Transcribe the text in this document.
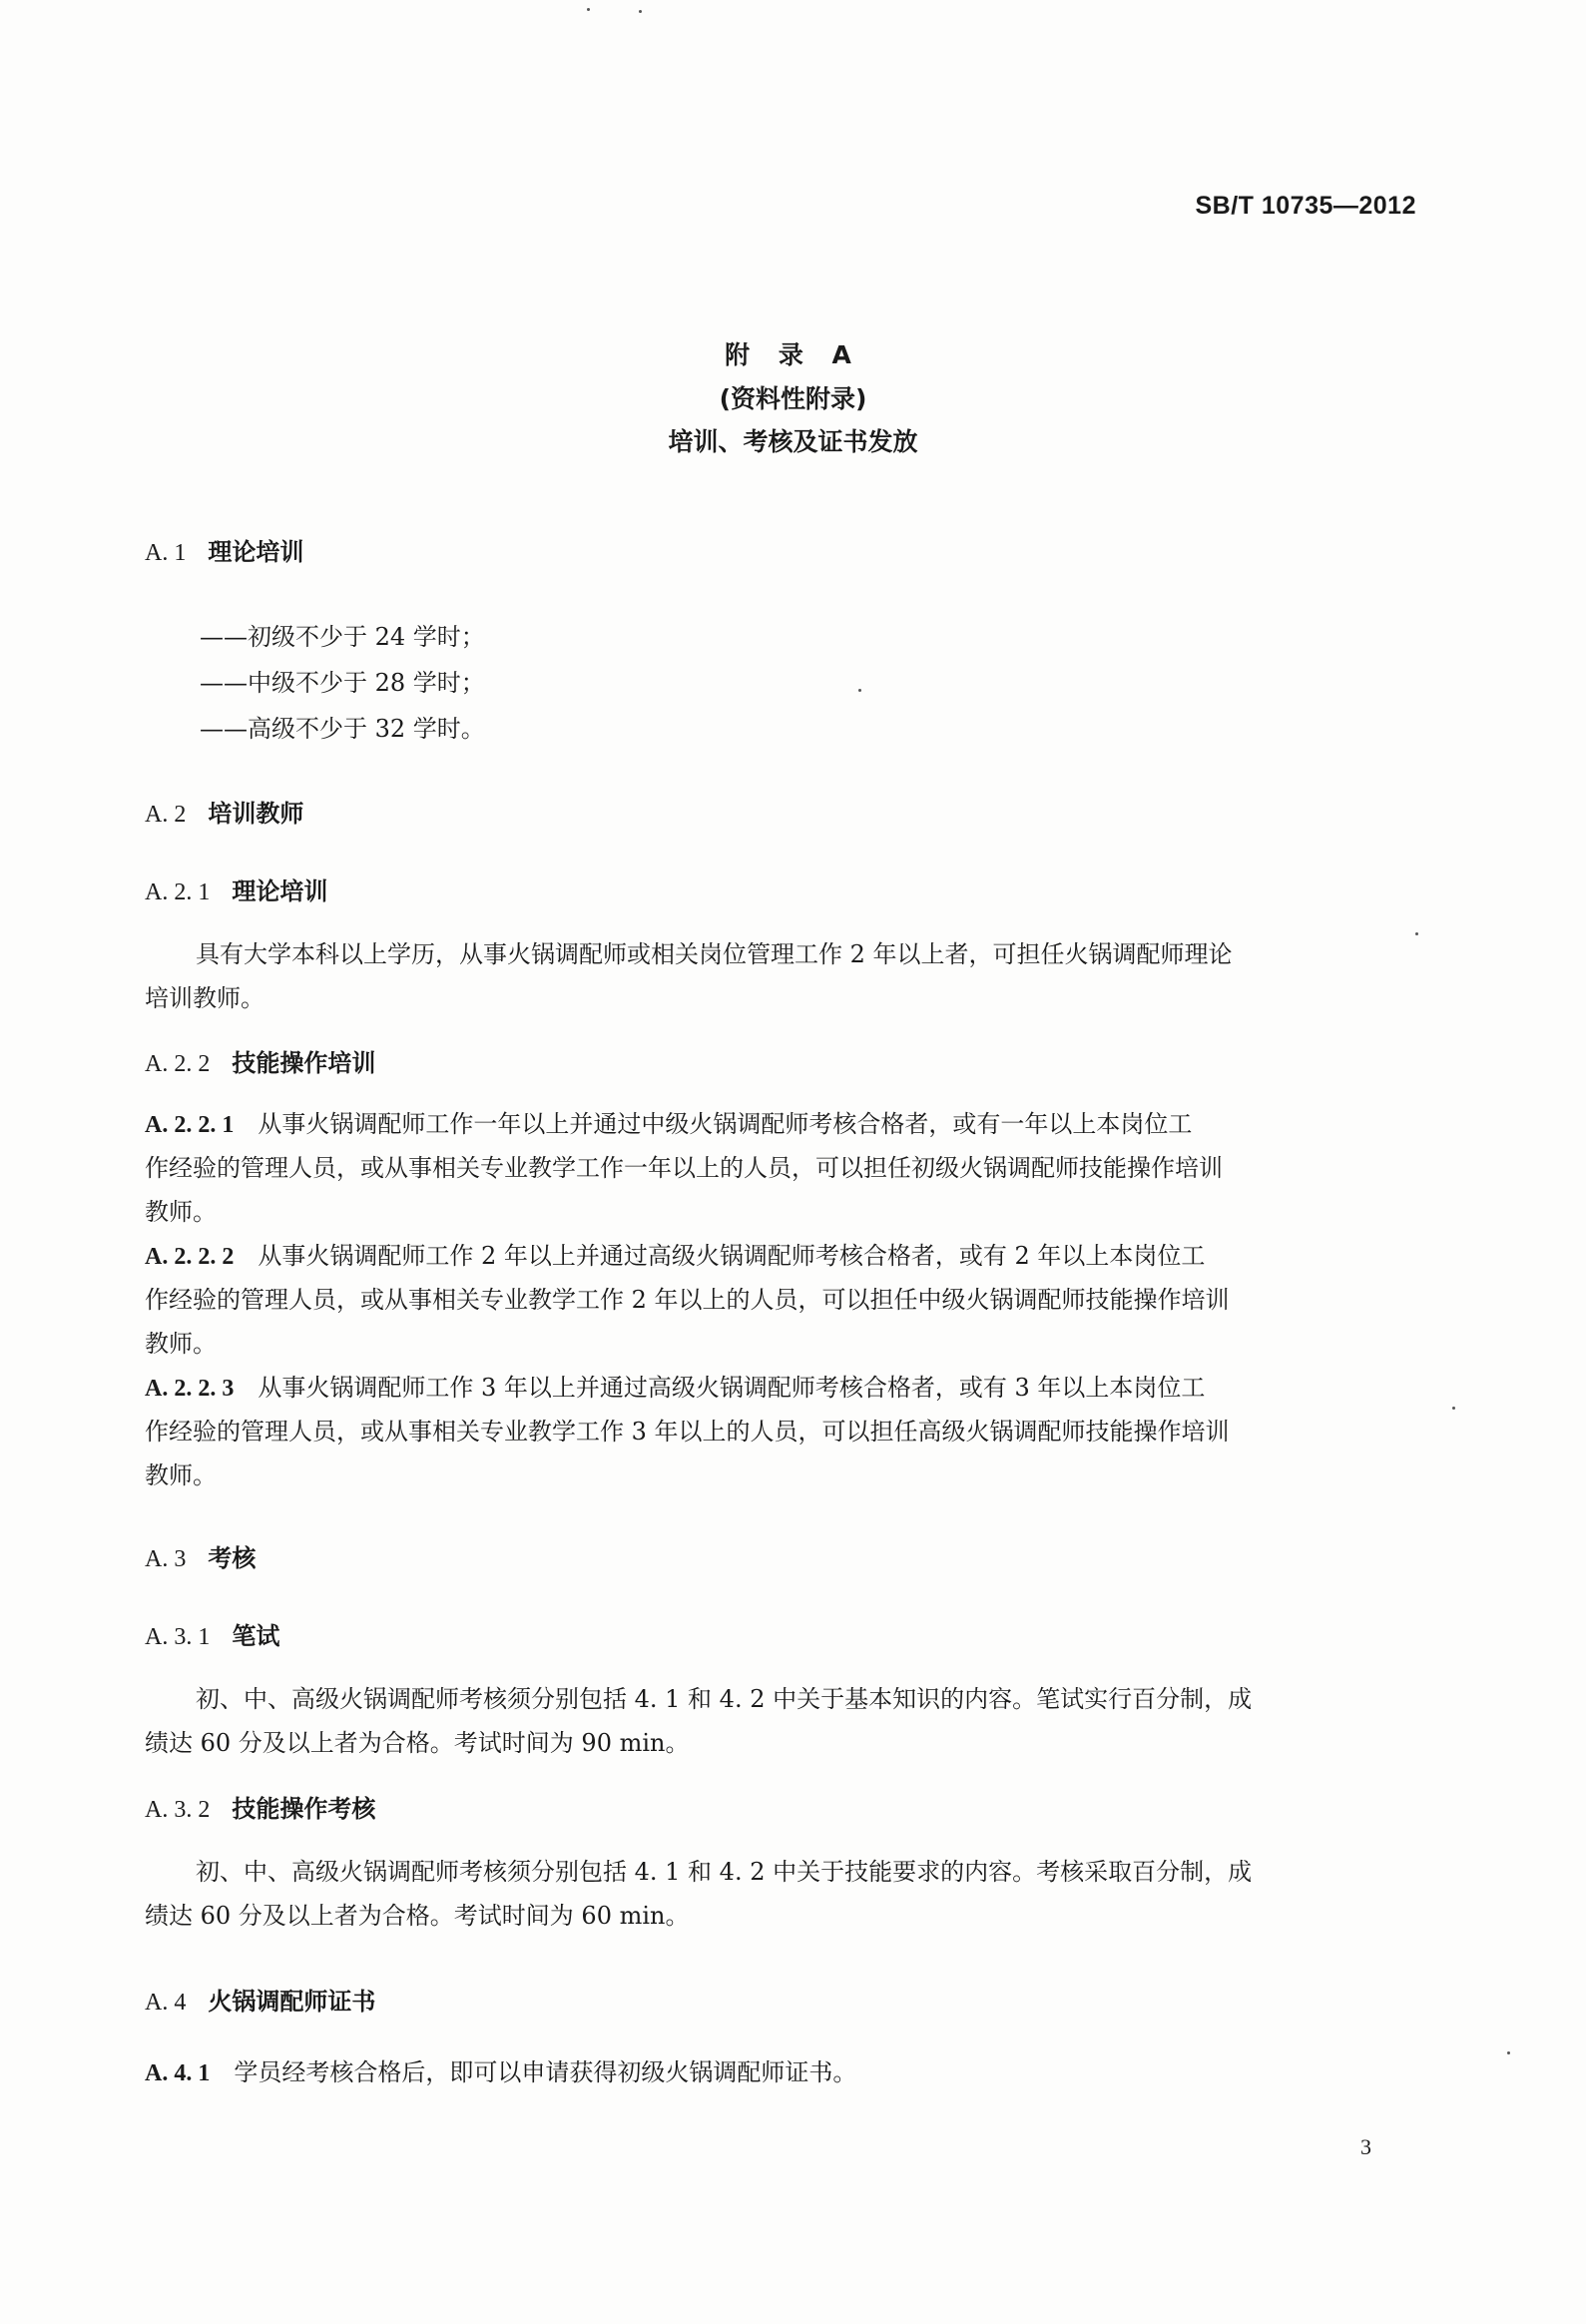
SB/T 10735—2012
附 录 A
(资料性附录)
培训、考核及证书发放
A. 1 理论培训
——初级不少于 24 学时；
——中级不少于 28 学时；
——高级不少于 32 学时。
A. 2 培训教师
A. 2. 1 理论培训
具有大学本科以上学历，从事火锅调配师或相关岗位管理工作 2 年以上者，可担任火锅调配师理论
培训教师。
A. 2. 2 技能操作培训
A. 2. 2. 1 从事火锅调配师工作一年以上并通过中级火锅调配师考核合格者，或有一年以上本岗位工
作经验的管理人员，或从事相关专业教学工作一年以上的人员，可以担任初级火锅调配师技能操作培训
教师。
A. 2. 2. 2 从事火锅调配师工作 2 年以上并通过高级火锅调配师考核合格者，或有 2 年以上本岗位工
作经验的管理人员，或从事相关专业教学工作 2 年以上的人员，可以担任中级火锅调配师技能操作培训
教师。
A. 2. 2. 3 从事火锅调配师工作 3 年以上并通过高级火锅调配师考核合格者，或有 3 年以上本岗位工
作经验的管理人员，或从事相关专业教学工作 3 年以上的人员，可以担任高级火锅调配师技能操作培训
教师。
A. 3 考核
A. 3. 1 笔试
初、中、高级火锅调配师考核须分别包括 4. 1 和 4. 2 中关于基本知识的内容。笔试实行百分制，成
绩达 60 分及以上者为合格。考试时间为 90 min。
A. 3. 2 技能操作考核
初、中、高级火锅调配师考核须分别包括 4. 1 和 4. 2 中关于技能要求的内容。考核采取百分制，成
绩达 60 分及以上者为合格。考试时间为 60 min。
A. 4 火锅调配师证书
A. 4. 1 学员经考核合格后，即可以申请获得初级火锅调配师证书。
3
